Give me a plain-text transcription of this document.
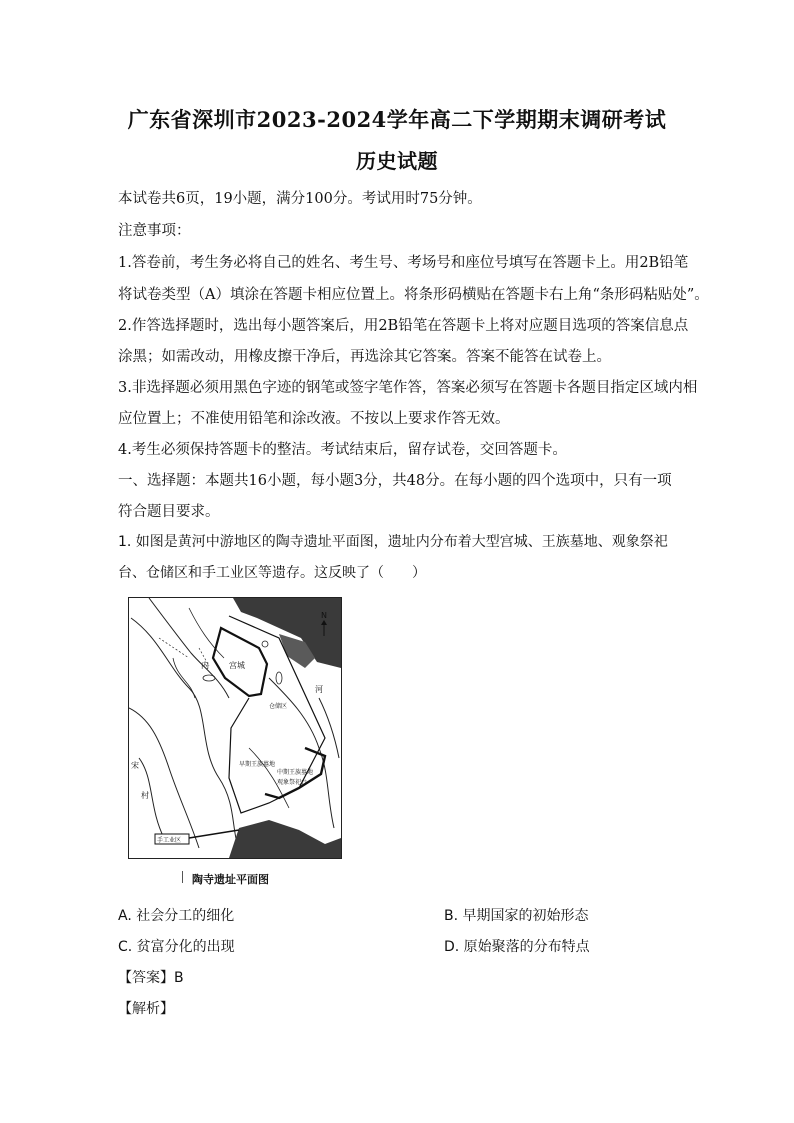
广东省深圳市2023-2024学年高二下学期期末调研考试
历史试题
本试卷共6页，19小题，满分100分。考试用时75分钟。
注意事项：
1.答卷前，考生务必将自己的姓名、考生号、考场号和座位号填写在答题卡上。用2B铅笔
将试卷类型（A）填涂在答题卡相应位置上。将条形码横贴在答题卡右上角“条形码粘贴处”。
2.作答选择题时，选出每小题答案后，用2B铅笔在答题卡上将对应题目选项的答案信息点
涂黑；如需改动，用橡皮擦干净后，再选涂其它答案。答案不能答在试卷上。
3.非选择题必须用黑色字迹的钢笔或签字笔作答，答案必须写在答题卡各题目指定区域内相
应位置上；不准使用铅笔和涂改液。不按以上要求作答无效。
4.考生必须保持答题卡的整洁。考试结束后，留存试卷，交回答题卡。
一、选择题：本题共16小题，每小题3分，共48分。在每小题的四个选项中，只有一项
符合题目要求。
1. 如图是黄河中游地区的陶寺遗址平面图，遗址内分布着大型宫城、王族墓地、观象祭祀
台、仓储区和手工业区等遗存。这反映了（　　）
N
宫城
仓储区
河
内
宋
村
手工业区
早期王族墓地
中期王族墓地
观象祭祀台
陶寺遗址平面图
A. 社会分工的细化	B. 早期国家的初始形态
C. 贫富分化的出现	D. 原始聚落的分布特点
【答案】B
【解析】
